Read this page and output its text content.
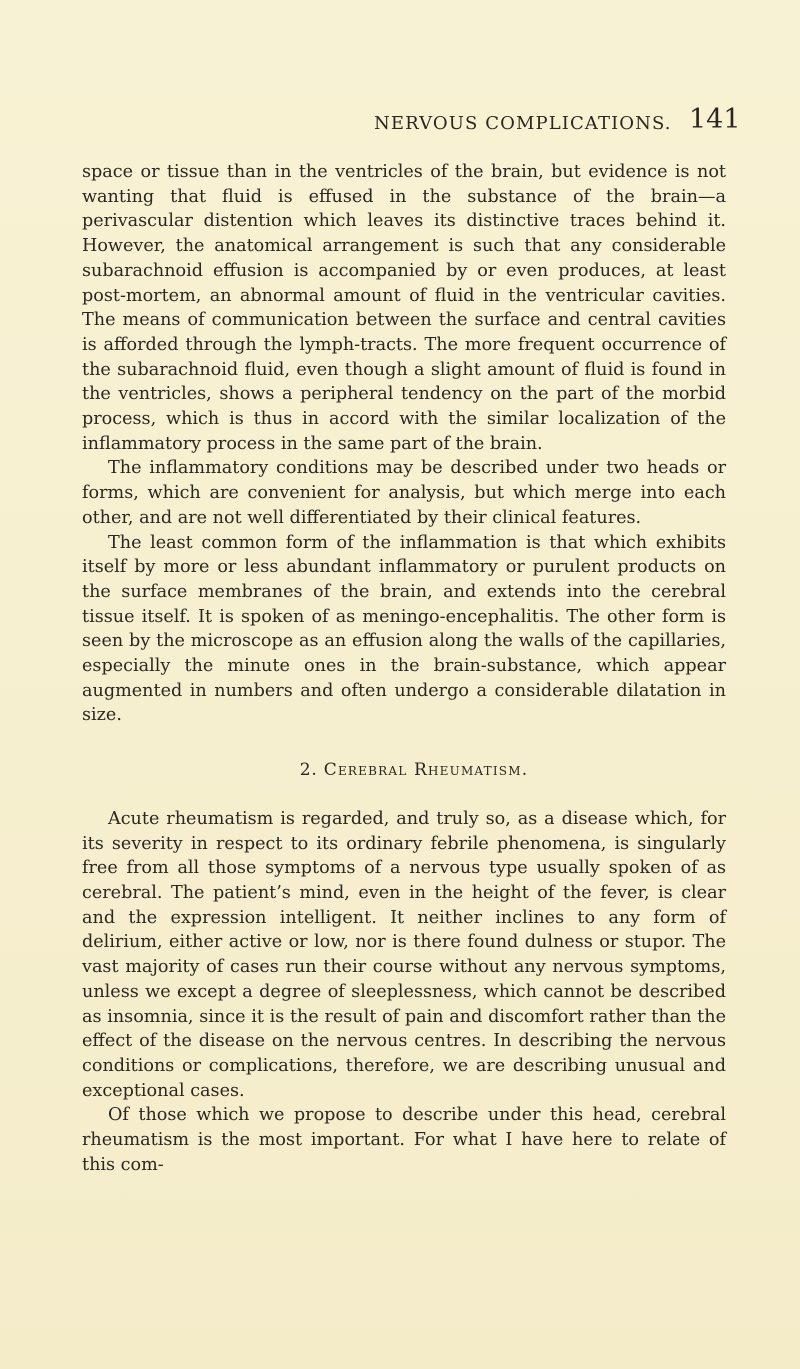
NERVOUS COMPLICATIONS. 141

space or tissue than in the ventricles of the brain, but evidence is not wanting that fluid is effused in the substance of the brain—a perivascular distention which leaves its distinctive traces behind it. However, the anatomical arrangement is such that any considerable subarachnoid effusion is accompanied by or even produces, at least post-mortem, an abnormal amount of fluid in the ventricular cavities. The means of communication between the surface and central cavities is afforded through the lymph-tracts. The more frequent occurrence of the subarachnoid fluid, even though a slight amount of fluid is found in the ventricles, shows a peripheral tendency on the part of the morbid process, which is thus in accord with the similar localization of the inflammatory process in the same part of the brain.

The inflammatory conditions may be described under two heads or forms, which are convenient for analysis, but which merge into each other, and are not well differentiated by their clinical features.

The least common form of the inflammation is that which exhibits itself by more or less abundant inflammatory or purulent products on the surface membranes of the brain, and extends into the cerebral tissue itself. It is spoken of as meningo-encephalitis. The other form is seen by the microscope as an effusion along the walls of the capillaries, especially the minute ones in the brain-substance, which appear augmented in numbers and often undergo a considerable dilatation in size.

2. Cerebral Rheumatism.

Acute rheumatism is regarded, and truly so, as a disease which, for its severity in respect to its ordinary febrile phenomena, is singularly free from all those symptoms of a nervous type usually spoken of as cerebral. The patient’s mind, even in the height of the fever, is clear and the expression intelligent. It neither inclines to any form of delirium, either active or low, nor is there found dulness or stupor. The vast majority of cases run their course without any nervous symptoms, unless we except a degree of sleeplessness, which cannot be described as insomnia, since it is the result of pain and discomfort rather than the effect of the disease on the nervous centres. In describing the nervous conditions or complications, therefore, we are describing unusual and exceptional cases.

Of those which we propose to describe under this head, cerebral rheumatism is the most important. For what I have here to relate of this com-
